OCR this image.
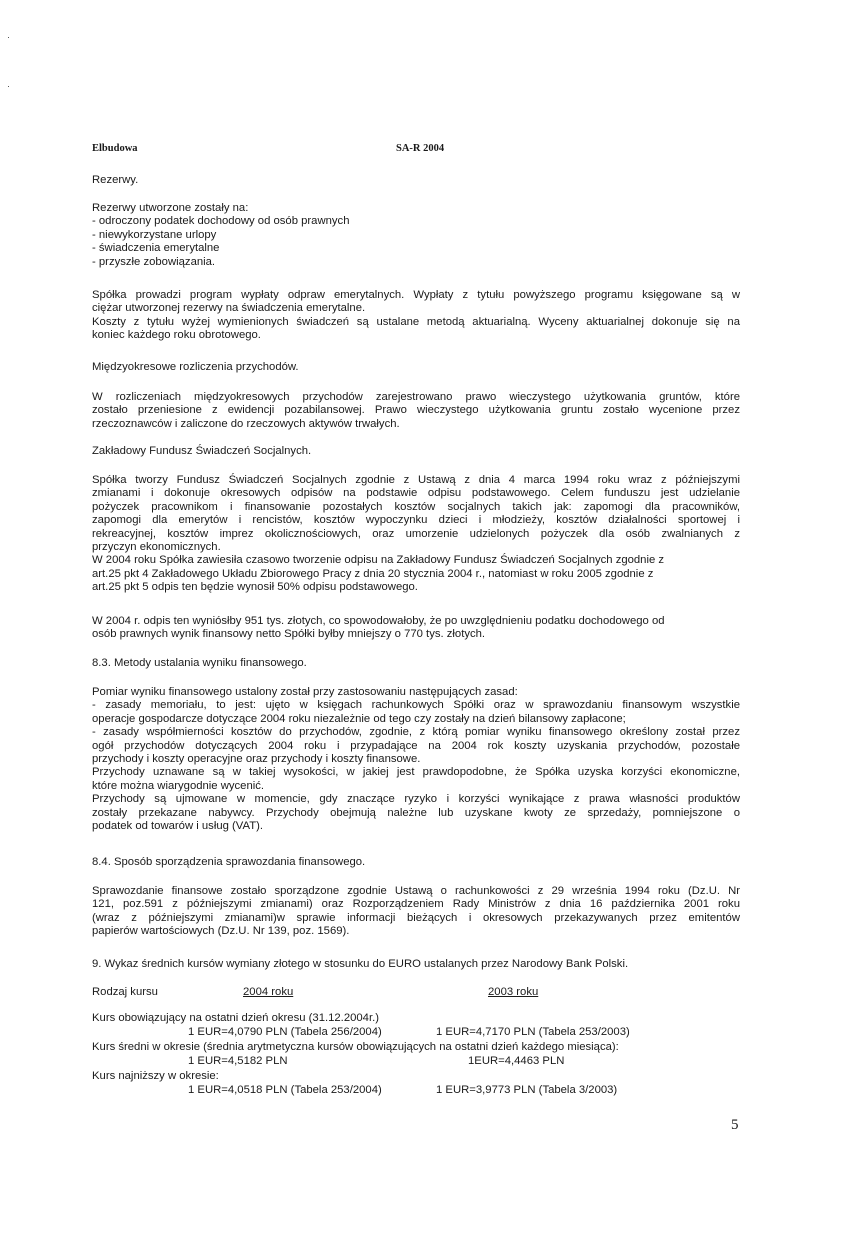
Elbudowa	SA-R 2004
Rezerwy.
Rezerwy utworzone zostały na:
- odroczony podatek dochodowy od osób prawnych
- niewykorzystane urlopy
- świadczenia emerytalne
- przyszłe zobowiązania.
Spółka prowadzi program wypłaty odpraw emerytalnych. Wypłaty z tytułu powyższego programu księgowane są w
ciężar utworzonej rezerwy na świadczenia emerytalne.
Koszty z tytułu wyżej wymienionych świadczeń są ustalane metodą aktuarialną. Wyceny aktuarialnej dokonuje się na
koniec każdego roku obrotowego.
Międzyokresowe rozliczenia przychodów.
W rozliczeniach międzyokresowych przychodów zarejestrowano prawo wieczystego użytkowania gruntów, które
zostało przeniesione z ewidencji pozabilansowej. Prawo wieczystego użytkowania gruntu zostało wycenione przez
rzeczoznawców i zaliczone do rzeczowych aktywów trwałych.
Zakładowy Fundusz Świadczeń Socjalnych.
Spółka tworzy Fundusz Świadczeń Socjalnych zgodnie z Ustawą z dnia 4 marca 1994 roku wraz z późniejszymi
zmianami i dokonuje okresowych odpisów na podstawie odpisu podstawowego. Celem funduszu jest udzielanie
pożyczek pracownikom i finansowanie pozostałych kosztów socjalnych takich jak: zapomogi dla pracowników,
zapomogi dla emerytów i rencistów, kosztów wypoczynku dzieci i młodzieży, kosztów działalności sportowej i
rekreacyjnej, kosztów imprez okolicznościowych, oraz umorzenie udzielonych pożyczek dla osób zwalnianych z
przyczyn ekonomicznych.
W 2004 roku Spółka zawiesiła czasowo tworzenie odpisu na Zakładowy Fundusz Świadczeń Socjalnych zgodnie z
art.25 pkt 4 Zakładowego Układu Zbiorowego Pracy z dnia 20 stycznia 2004 r., natomiast w roku 2005 zgodnie z
art.25 pkt 5 odpis ten będzie wynosił 50% odpisu podstawowego.
W 2004 r. odpis ten wyniósłby 951 tys. złotych, co spowodowałoby, że po uwzględnieniu podatku dochodowego od
osób prawnych wynik finansowy netto Spółki byłby mniejszy o 770 tys. złotych.
8.3. Metody ustalania wyniku finansowego.
Pomiar wyniku finansowego ustalony został przy zastosowaniu następujących zasad:
- zasady memoriału, to jest: ujęto w księgach rachunkowych Spółki oraz w sprawozdaniu finansowym wszystkie
operacje gospodarcze dotyczące 2004 roku niezależnie od tego czy zostały na dzień bilansowy zapłacone;
- zasady współmierności kosztów do przychodów, zgodnie, z którą pomiar wyniku finansowego określony został przez
ogół przychodów dotyczących 2004 roku i przypadające na 2004 rok koszty uzyskania przychodów, pozostałe
przychody i koszty operacyjne oraz przychody i koszty finansowe.
Przychody uznawane są w takiej wysokości, w jakiej jest prawdopodobne, że Spółka uzyska korzyści ekonomiczne,
które można wiarygodnie wycenić.
Przychody są ujmowane w momencie, gdy znaczące ryzyko i korzyści wynikające z prawa własności produktów
zostały przekazane nabywcy. Przychody obejmują należne lub uzyskane kwoty ze sprzedaży, pomniejszone o
podatek od towarów i usług (VAT).
8.4. Sposób sporządzenia sprawozdania finansowego.
Sprawozdanie finansowe zostało sporządzone zgodnie Ustawą o rachunkowości z 29 września 1994 roku (Dz.U. Nr
121, poz.591 z późniejszymi zmianami) oraz Rozporządzeniem Rady Ministrów z dnia 16 października 2001 roku
(wraz z późniejszymi zmianami)w sprawie informacji bieżących i okresowych przekazywanych przez emitentów
papierów wartościowych (Dz.U. Nr 139, poz. 1569).
9. Wykaz średnich kursów wymiany złotego w stosunku do EURO ustalanych przez Narodowy Bank Polski.
Rodzaj kursu	2004 roku	2003 roku
Kurs obowiązujący na ostatni dzień okresu (31.12.2004r.)
1 EUR=4,0790 PLN (Tabela 256/2004)	1 EUR=4,7170 PLN (Tabela 253/2003)
Kurs średni w okresie (średnia arytmetyczna kursów obowiązujących na ostatni dzień każdego miesiąca):
1 EUR=4,5182 PLN	1EUR=4,4463 PLN
Kurs najniższy w okresie:
1 EUR=4,0518 PLN (Tabela 253/2004)	1 EUR=3,9773 PLN (Tabela 3/2003)
5
